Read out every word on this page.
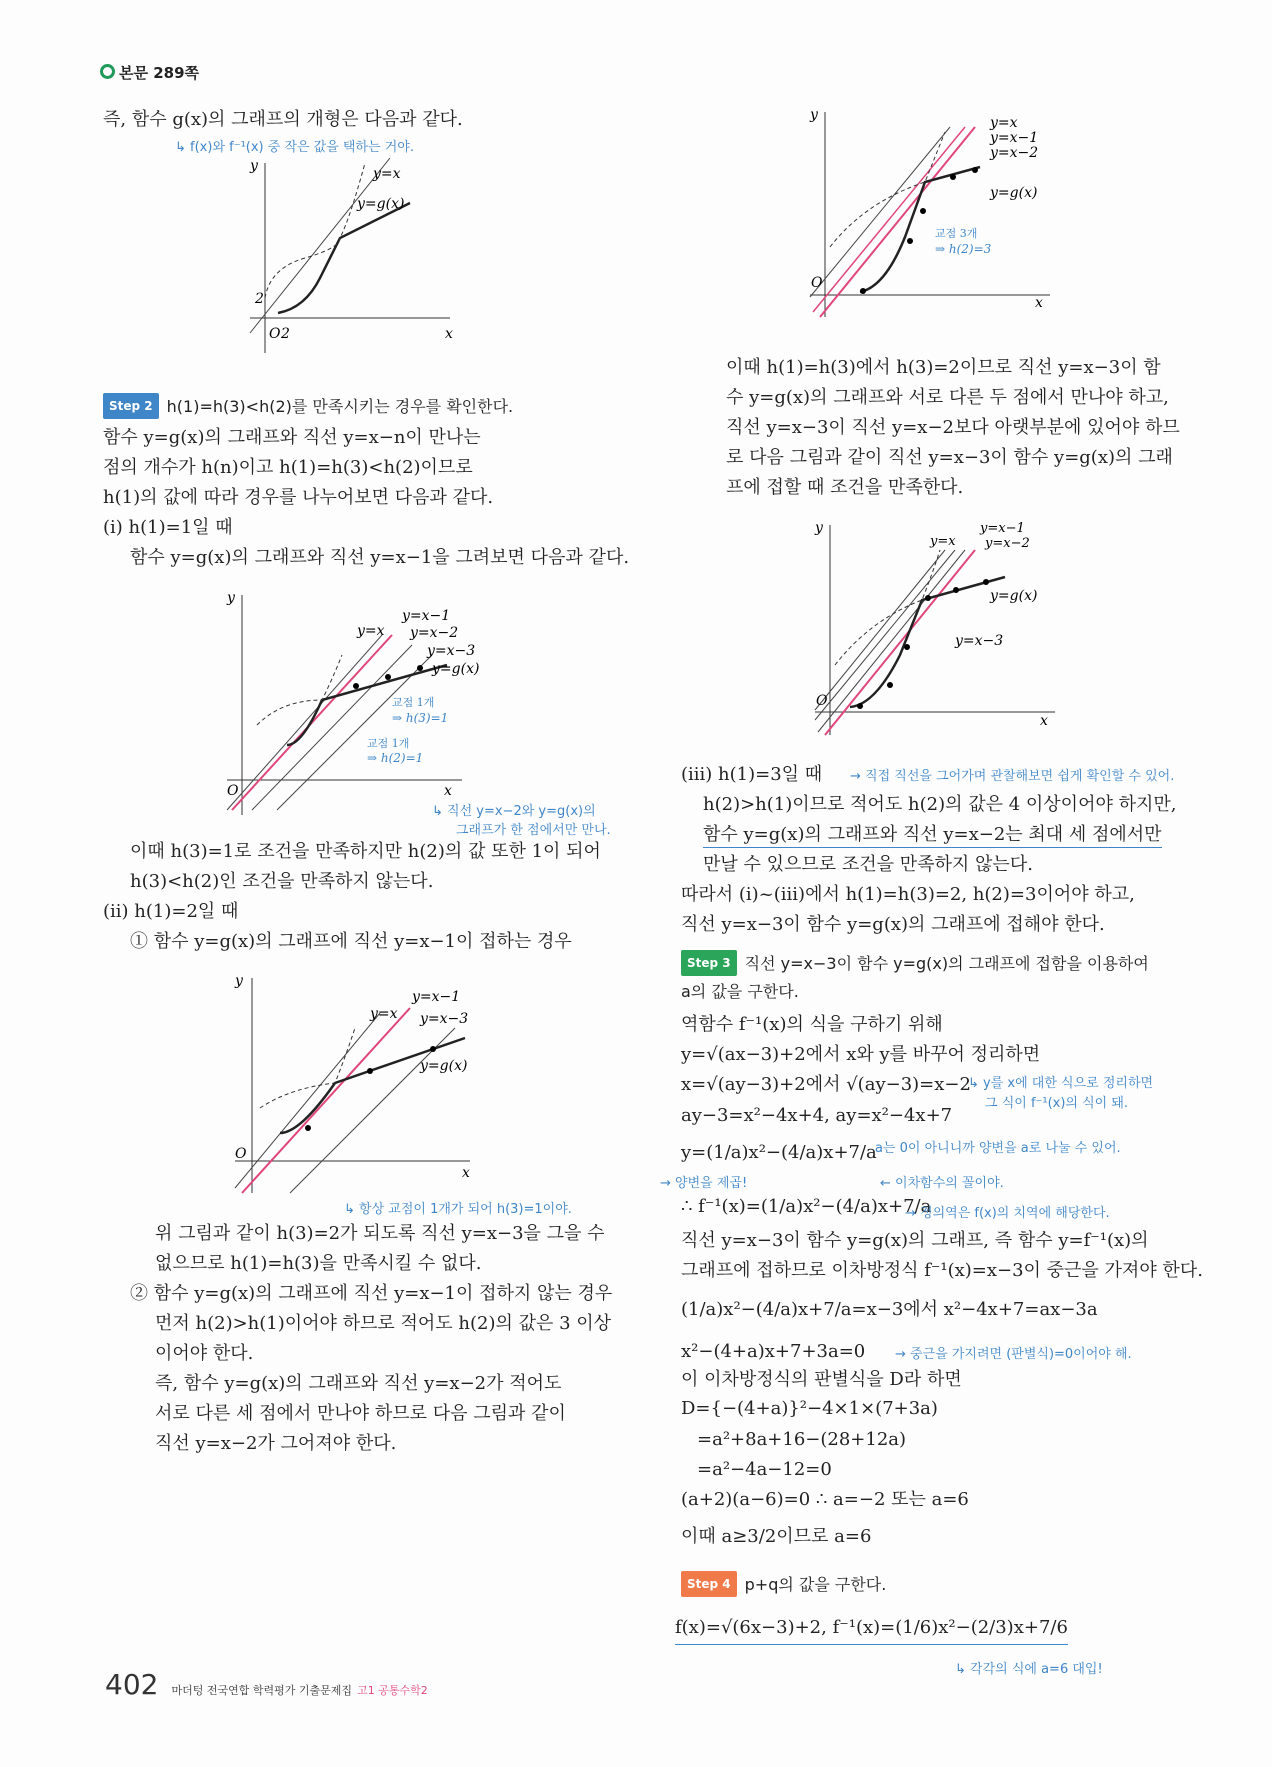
본문 289쪽
즉, 함수 g(x)의 그래프의 개형은 다음과 같다.
↳ f(x)와 f⁻¹(x) 중 작은 값을 택하는 거야.
y
x
O 2
2
y=x
y=g(x)
Step 2 h(1)=h(3)<h(2)를 만족시키는 경우를 확인한다.
함수 y=g(x)의 그래프와 직선 y=x−n이 만나는
점의 개수가 h(n)이고 h(1)=h(3)<h(2)이므로
h(1)의 값에 따라 경우를 나누어보면 다음과 같다.
(i) h(1)=1일 때
함수 y=g(x)의 그래프와 직선 y=x−1을 그려보면 다음과 같다.
y
x
O
y=x
y=x−1
y=x−2
y=x−3
y=g(x)
교점 1개
⇒ h(3)=1
교점 1개
⇒ h(2)=1
↳ 직선 y=x−2와 y=g(x)의
그래프가 한 점에서만 만나.
이때 h(3)=1로 조건을 만족하지만 h(2)의 값 또한 1이 되어
h(3)<h(2)인 조건을 만족하지 않는다.
(ii) h(1)=2일 때
① 함수 y=g(x)의 그래프에 직선 y=x−1이 접하는 경우
y
x
O
y=x
y=x−1
y=x−3
y=g(x)
↳ 항상 교점이 1개가 되어 h(3)=1이야.
위 그림과 같이 h(3)=2가 되도록 직선 y=x−3을 그을 수
없으므로 h(1)=h(3)을 만족시킬 수 없다.
② 함수 y=g(x)의 그래프에 직선 y=x−1이 접하지 않는 경우
먼저 h(2)>h(1)이어야 하므로 적어도 h(2)의 값은 3 이상
이어야 한다.
즉, 함수 y=g(x)의 그래프와 직선 y=x−2가 적어도
서로 다른 세 점에서 만나야 하므로 다음 그림과 같이
직선 y=x−2가 그어져야 한다.
y
x
O
y=x
y=x−1
y=x−2
y=g(x)
교점 3개
⇒ h(2)=3
이때 h(1)=h(3)에서 h(3)=2이므로 직선 y=x−3이 함
수 y=g(x)의 그래프와 서로 다른 두 점에서 만나야 하고,
직선 y=x−3이 직선 y=x−2보다 아랫부분에 있어야 하므
로 다음 그림과 같이 직선 y=x−3이 함수 y=g(x)의 그래
프에 접할 때 조건을 만족한다.
y
x
O
y=x
y=x−1
y=x−2
y=g(x)
y=x−3
(iii) h(1)=3일 때 → 직접 직선을 그어가며 관찰해보면 쉽게 확인할 수 있어.
h(2)>h(1)이므로 적어도 h(2)의 값은 4 이상이어야 하지만,
함수 y=g(x)의 그래프와 직선 y=x−2는 최대 세 점에서만
만날 수 있으므로 조건을 만족하지 않는다.
따라서 (i)~(iii)에서 h(1)=h(3)=2, h(2)=3이어야 하고,
직선 y=x−3이 함수 y=g(x)의 그래프에 접해야 한다.
Step 3 직선 y=x−3이 함수 y=g(x)의 그래프에 접함을 이용하여
a의 값을 구한다.
역함수 f⁻¹(x)의 식을 구하기 위해
y=√(ax−3)+2에서 x와 y를 바꾸어 정리하면
x=√(ay−3)+2에서 √(ay−3)=x−2
↳ y를 x에 대한 식으로 정리하면
그 식이 f⁻¹(x)의 식이 돼.
ay−3=x²−4x+4, ay=x²−4x+7
y=(1/a)x²−(4/a)x+7/a
a는 0이 아니니까 양변을 a로 나눌 수 있어.
→ 양변을 제곱!	← 이차함수의 꼴이야.
∴ f⁻¹(x)=(1/a)x²−(4/a)x+7/a
→ 정의역은 f(x)의 치역에 해당한다.
직선 y=x−3이 함수 y=g(x)의 그래프, 즉 함수 y=f⁻¹(x)의
그래프에 접하므로 이차방정식 f⁻¹(x)=x−3이 중근을 가져야 한다.
(1/a)x²−(4/a)x+7/a=x−3에서 x²−4x+7=ax−3a
x²−(4+a)x+7+3a=0 → 중근을 가지려면 (판별식)=0이어야 해.
이 이차방정식의 판별식을 D라 하면
D={−(4+a)}²−4×1×(7+3a)
=a²+8a+16−(28+12a)
=a²−4a−12=0
(a+2)(a−6)=0 ∴ a=−2 또는 a=6
이때 a≥3/2이므로 a=6
Step 4 p+q의 값을 구한다.
f(x)=√(6x−3)+2, f⁻¹(x)=(1/6)x²−(2/3)x+7/6
↳ 각각의 식에 a=6 대입!
402 마더텅 전국연합 학력평가 기출문제집 고1 공통수학2
